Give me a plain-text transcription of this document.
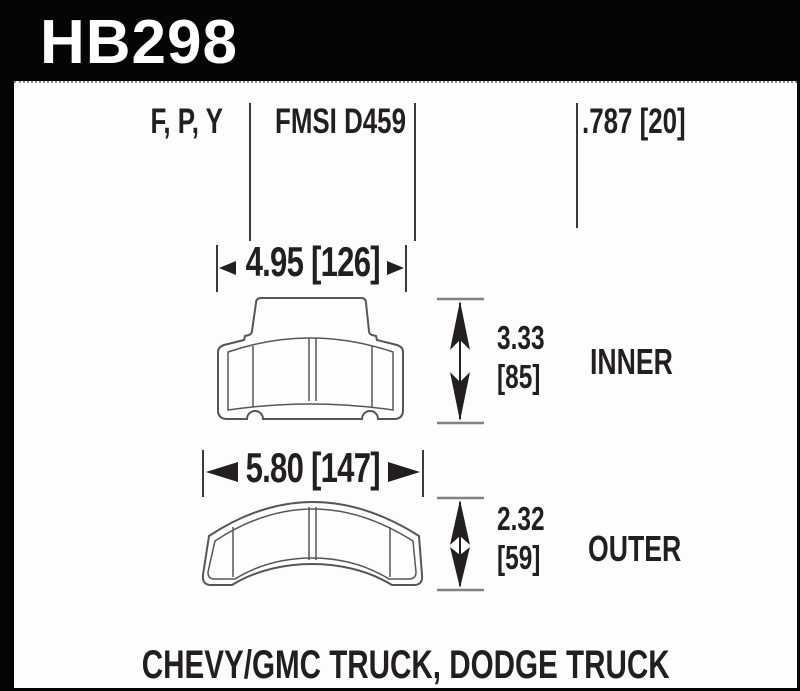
HB298
F, P, Y	FMSI D459	.787 [20]
4.95 [126]
3.33
[85]	INNER
5.80 [147]
2.32
[59]	OUTER
CHEVY/GMC TRUCK, DODGE TRUCK
